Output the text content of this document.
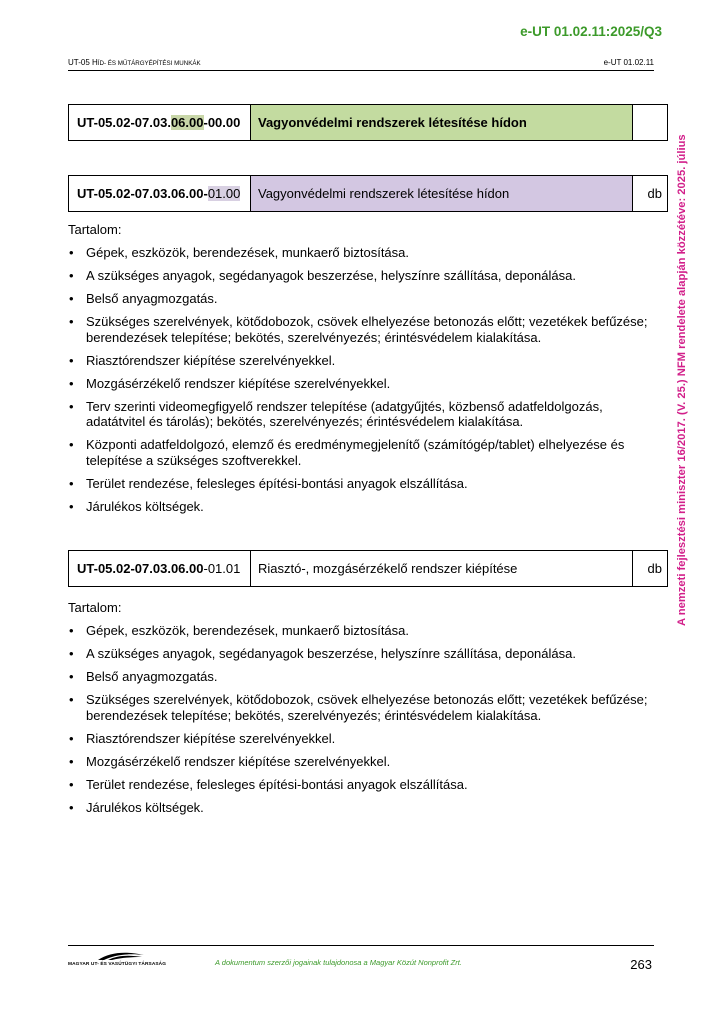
e-UT 01.02.11:2025/Q3
UT-05 HÍD- ÉS MŰTÁRGYÉPÍTÉSI MUNKÁK	e-UT 01.02.11
A nemzeti fejlesztési miniszter 16/2017. (V. 25.) NFM rendelete alapján közzétéve: 2025. július
UT-05.02-07.03. 06.00 -00.00	Vagyonvédelmi rendszerek létesítése hídon
UT-05.02-07.03.06.00- 01.00	Vagyonvédelmi rendszerek létesítése hídon	db
Tartalom:
• Gépek, eszközök, berendezések, munkaerő biztosítása.
• A szükséges anyagok, segédanyagok beszerzése, helyszínre szállítása, deponálása.
• Belső anyagmozgatás.
• Szükséges szerelvények, kötődobozok, csövek elhelyezése betonozás előtt; vezetékek befűzése; berendezések telepítése; bekötés, szerelvényezés; érintésvédelem kialakítása.
• Riasztórendszer kiépítése szerelvényekkel.
• Mozgásérzékelő rendszer kiépítése szerelvényekkel.
• Terv szerinti videomegfigyelő rendszer telepítése (adatgyűjtés, közbenső adatfeldolgozás, adatátvitel és tárolás); bekötés, szerelvényezés; érintésvédelem kialakítása.
• Központi adatfeldolgozó, elemző és eredménymegjelenítő (számítógép/tablet) elhelyezése és telepítése a szükséges szoftverekkel.
• Terület rendezése, felesleges építési-bontási anyagok elszállítása.
• Járulékos költségek.
UT-05.02-07.03.06.00 -01.01	Riasztó-, mozgásérzékelő rendszer kiépítése	db
Tartalom:
• Gépek, eszközök, berendezések, munkaerő biztosítása.
• A szükséges anyagok, segédanyagok beszerzése, helyszínre szállítása, deponálása.
• Belső anyagmozgatás.
• Szükséges szerelvények, kötődobozok, csövek elhelyezése betonozás előtt; vezetékek befűzése; berendezések telepítése; bekötés, szerelvényezés; érintésvédelem kialakítása.
• Riasztórendszer kiépítése szerelvényekkel.
• Mozgásérzékelő rendszer kiépítése szerelvényekkel.
• Terület rendezése, felesleges építési-bontási anyagok elszállítása.
• Járulékos költségek.
MAGYAR UT- ÉS VASÚTÜGYI TÁRSASÁG	A dokumentum szerzői jogainak tulajdonosa a Magyar Közút Nonprofit Zrt.	263
